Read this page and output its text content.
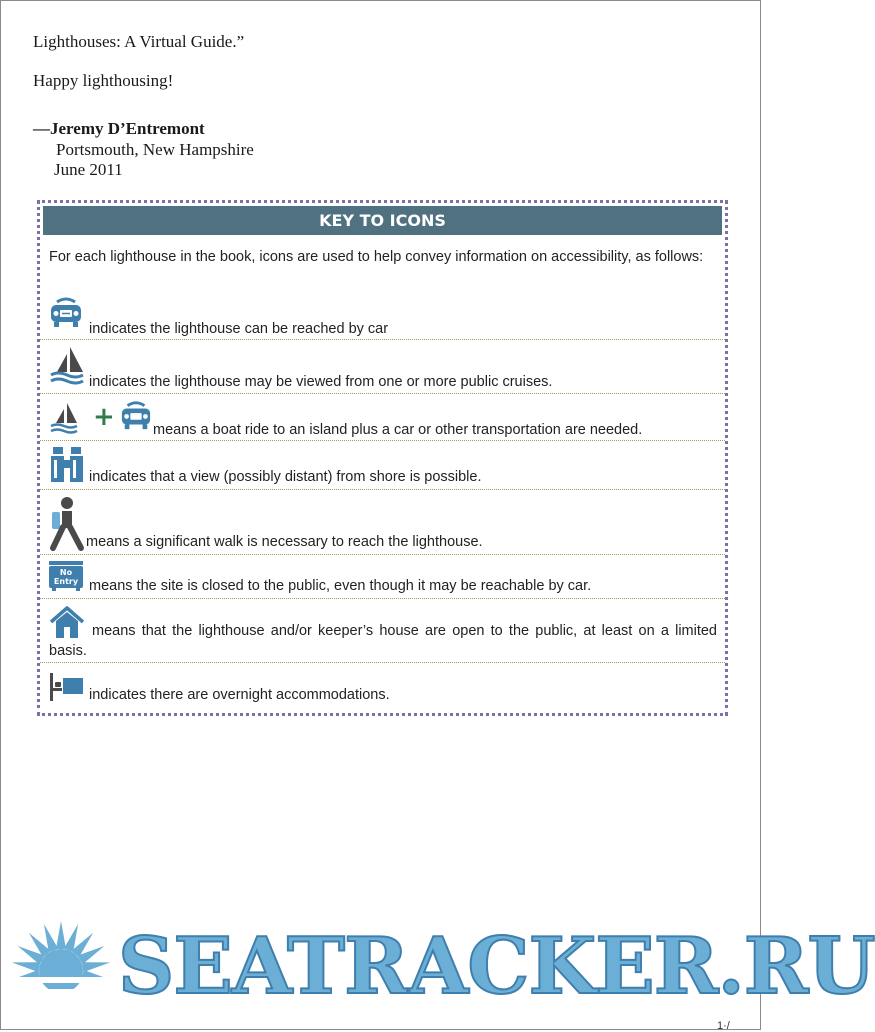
Lighthouses: A Virtual Guide.”
Happy lighthousing!
—Jeremy D’Entremont
Portsmouth, New Hampshire
June 2011
KEY TO ICONS
For each lighthouse in the book, icons are used to help convey information on accessibility, as follows:
indicates the lighthouse can be reached by car
indicates the lighthouse may be viewed from one or more public cruises.
+	means a boat ride to an island plus a car or other transportation are needed.
indicates that a view (possibly distant) from shore is possible.
means a significant walk is necessary to reach the lighthouse.
No
Entry means the site is closed to the public, even though it may be reachable by car.
means that the lighthouse and/or keeper’s house are open to the public, at least on a limited basis.
indicates there are overnight accommodations.
SEATRACKER.RU
1·/
